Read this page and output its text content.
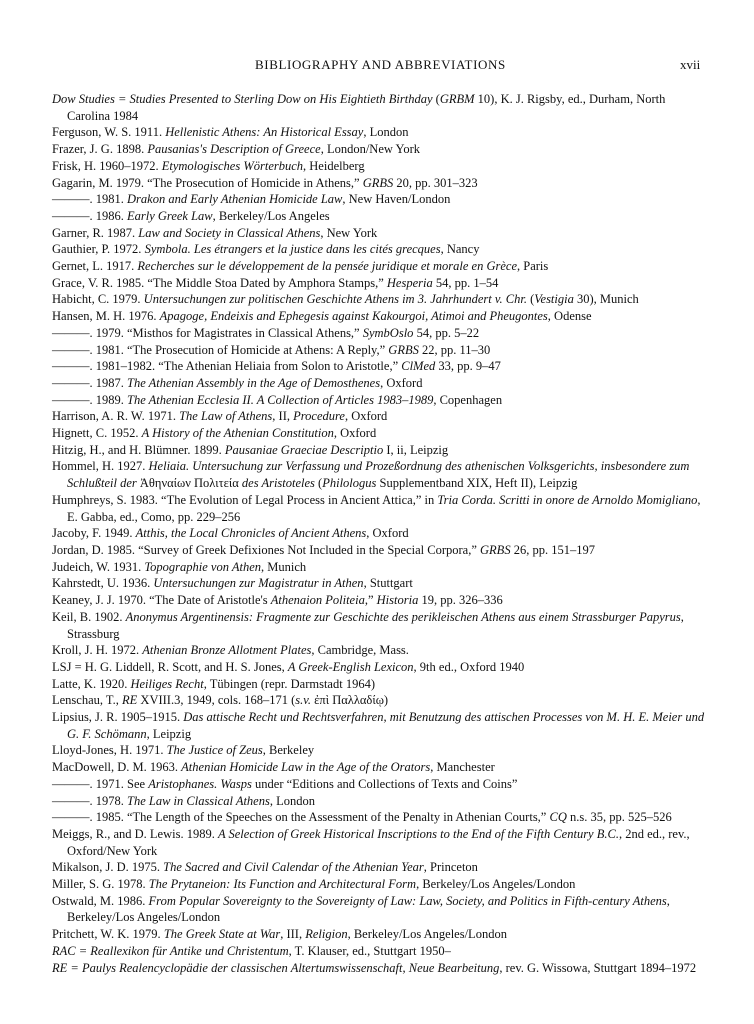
BIBLIOGRAPHY AND ABBREVIATIONS	xvii
Dow Studies = Studies Presented to Sterling Dow on His Eightieth Birthday (GRBM 10), K. J. Rigsby, ed., Durham, North Carolina 1984
Ferguson, W. S. 1911. Hellenistic Athens: An Historical Essay, London
Frazer, J. G. 1898. Pausanias's Description of Greece, London/New York
Frisk, H. 1960–1972. Etymologisches Wörterbuch, Heidelberg
Gagarin, M. 1979. “The Prosecution of Homicide in Athens,” GRBS 20, pp. 301–323
———. 1981. Drakon and Early Athenian Homicide Law, New Haven/London
———. 1986. Early Greek Law, Berkeley/Los Angeles
Garner, R. 1987. Law and Society in Classical Athens, New York
Gauthier, P. 1972. Symbola. Les étrangers et la justice dans les cités grecques, Nancy
Gernet, L. 1917. Recherches sur le développement de la pensée juridique et morale en Grèce, Paris
Grace, V. R. 1985. “The Middle Stoa Dated by Amphora Stamps,” Hesperia 54, pp. 1–54
Habicht, C. 1979. Untersuchungen zur politischen Geschichte Athens im 3. Jahrhundert v. Chr. (Vestigia 30), Munich
Hansen, M. H. 1976. Apagoge, Endeixis and Ephegesis against Kakourgoi, Atimoi and Pheugontes, Odense
———. 1979. “Misthos for Magistrates in Classical Athens,” SymbOslo 54, pp. 5–22
———. 1981. “The Prosecution of Homicide at Athens: A Reply,” GRBS 22, pp. 11–30
———. 1981–1982. “The Athenian Heliaia from Solon to Aristotle,” ClMed 33, pp. 9–47
———. 1987. The Athenian Assembly in the Age of Demosthenes, Oxford
———. 1989. The Athenian Ecclesia II. A Collection of Articles 1983–1989, Copenhagen
Harrison, A. R. W. 1971. The Law of Athens, II, Procedure, Oxford
Hignett, C. 1952. A History of the Athenian Constitution, Oxford
Hitzig, H., and H. Blümner. 1899. Pausaniae Graeciae Descriptio I, ii, Leipzig
Hommel, H. 1927. Heliaia. Untersuchung zur Verfassung und Prozeßordnung des athenischen Volksgerichts, insbesondere zum Schlußteil der Ἀθηναίων Πολιτεία des Aristoteles (Philologus Supplementband XIX, Heft II), Leipzig
Humphreys, S. 1983. “The Evolution of Legal Process in Ancient Attica,” in Tria Corda. Scritti in onore de Arnoldo Momigliano, E. Gabba, ed., Como, pp. 229–256
Jacoby, F. 1949. Atthis, the Local Chronicles of Ancient Athens, Oxford
Jordan, D. 1985. “Survey of Greek Defixiones Not Included in the Special Corpora,” GRBS 26, pp. 151–197
Judeich, W. 1931. Topographie von Athen, Munich
Kahrstedt, U. 1936. Untersuchungen zur Magistratur in Athen, Stuttgart
Keaney, J. J. 1970. “The Date of Aristotle's Athenaion Politeia,” Historia 19, pp. 326–336
Keil, B. 1902. Anonymus Argentinensis: Fragmente zur Geschichte des perikleischen Athens aus einem Strassburger Papyrus, Strassburg
Kroll, J. H. 1972. Athenian Bronze Allotment Plates, Cambridge, Mass.
LSJ = H. G. Liddell, R. Scott, and H. S. Jones, A Greek-English Lexicon, 9th ed., Oxford 1940
Latte, K. 1920. Heiliges Recht, Tübingen (repr. Darmstadt 1964)
Lenschau, T., RE XVIII.3, 1949, cols. 168–171 (s.v. ἐπὶ Παλλαδίῳ)
Lipsius, J. R. 1905–1915. Das attische Recht und Rechtsverfahren, mit Benutzung des attischen Processes von M. H. E. Meier und G. F. Schömann, Leipzig
Lloyd-Jones, H. 1971. The Justice of Zeus, Berkeley
MacDowell, D. M. 1963. Athenian Homicide Law in the Age of the Orators, Manchester
———. 1971. See Aristophanes. Wasps under “Editions and Collections of Texts and Coins”
———. 1978. The Law in Classical Athens, London
———. 1985. “The Length of the Speeches on the Assessment of the Penalty in Athenian Courts,” CQ n.s. 35, pp. 525–526
Meiggs, R., and D. Lewis. 1989. A Selection of Greek Historical Inscriptions to the End of the Fifth Century B.C., 2nd ed., rev., Oxford/New York
Mikalson, J. D. 1975. The Sacred and Civil Calendar of the Athenian Year, Princeton
Miller, S. G. 1978. The Prytaneion: Its Function and Architectural Form, Berkeley/Los Angeles/London
Ostwald, M. 1986. From Popular Sovereignty to the Sovereignty of Law: Law, Society, and Politics in Fifth-century Athens, Berkeley/Los Angeles/London
Pritchett, W. K. 1979. The Greek State at War, III, Religion, Berkeley/Los Angeles/London
RAC = Reallexikon für Antike und Christentum, T. Klauser, ed., Stuttgart 1950–
RE = Paulys Realencyclopädie der classischen Altertumswissenschaft, Neue Bearbeitung, rev. G. Wissowa, Stuttgart 1894–1972
